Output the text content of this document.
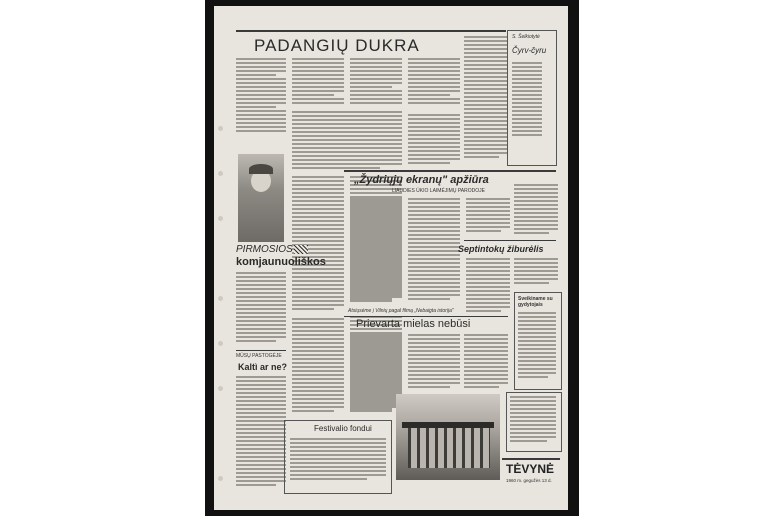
PADANGIŲ DUKRA
PIRMOSIOS
komjaunuoliškos
MŪSŲ PASTOGĖJE
Kaltì ar ne?
Festivalio fondui
S. Šelkiotytė
Čyrv-čyru
„Žydriųjų ekranų" apžiūra
LIAUDIES ŪKIO LAIMĖJIMŲ PARODOJE
Septintokų žiburėlis
Sveikiname su gydytojais
Atsiųsėme į Vilnių pagal filmą „Nebaigta istorija"
Prievarta mielas nebūsi
TĖVYNĖ
1960 m. gegužės 13 d.
